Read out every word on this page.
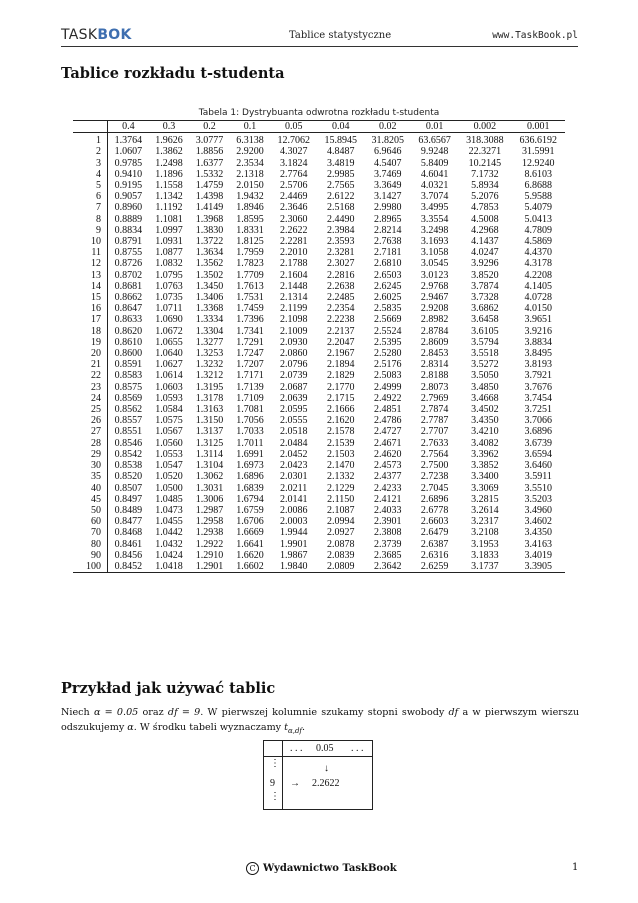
TASKBOK	Tablice statystyczne	www.TaskBook.pl
Tablice rozkładu t-studenta
Tabela 1: Dystrybuanta odwrotna rozkładu t-studenta
	0.4	0.3	0.2	0.1	0.05	0.04	0.02	0.01	0.002	0.001

1	1.3764	1.9626	3.0777	6.3138	12.7062	15.8945	31.8205	63.6567	318.3088	636.6192
2	1.0607	1.3862	1.8856	2.9200	4.3027	4.8487	6.9646	9.9248	22.3271	31.5991
3	0.9785	1.2498	1.6377	2.3534	3.1824	3.4819	4.5407	5.8409	10.2145	12.9240
4	0.9410	1.1896	1.5332	2.1318	2.7764	2.9985	3.7469	4.6041	7.1732	8.6103
5	0.9195	1.1558	1.4759	2.0150	2.5706	2.7565	3.3649	4.0321	5.8934	6.8688
6	0.9057	1.1342	1.4398	1.9432	2.4469	2.6122	3.1427	3.7074	5.2076	5.9588
7	0.8960	1.1192	1.4149	1.8946	2.3646	2.5168	2.9980	3.4995	4.7853	5.4079
8	0.8889	1.1081	1.3968	1.8595	2.3060	2.4490	2.8965	3.3554	4.5008	5.0413
9	0.8834	1.0997	1.3830	1.8331	2.2622	2.3984	2.8214	3.2498	4.2968	4.7809
10	0.8791	1.0931	1.3722	1.8125	2.2281	2.3593	2.7638	3.1693	4.1437	4.5869
11	0.8755	1.0877	1.3634	1.7959	2.2010	2.3281	2.7181	3.1058	4.0247	4.4370
12	0.8726	1.0832	1.3562	1.7823	2.1788	2.3027	2.6810	3.0545	3.9296	4.3178
13	0.8702	1.0795	1.3502	1.7709	2.1604	2.2816	2.6503	3.0123	3.8520	4.2208
14	0.8681	1.0763	1.3450	1.7613	2.1448	2.2638	2.6245	2.9768	3.7874	4.1405
15	0.8662	1.0735	1.3406	1.7531	2.1314	2.2485	2.6025	2.9467	3.7328	4.0728
16	0.8647	1.0711	1.3368	1.7459	2.1199	2.2354	2.5835	2.9208	3.6862	4.0150
17	0.8633	1.0690	1.3334	1.7396	2.1098	2.2238	2.5669	2.8982	3.6458	3.9651
18	0.8620	1.0672	1.3304	1.7341	2.1009	2.2137	2.5524	2.8784	3.6105	3.9216
19	0.8610	1.0655	1.3277	1.7291	2.0930	2.2047	2.5395	2.8609	3.5794	3.8834
20	0.8600	1.0640	1.3253	1.7247	2.0860	2.1967	2.5280	2.8453	3.5518	3.8495
21	0.8591	1.0627	1.3232	1.7207	2.0796	2.1894	2.5176	2.8314	3.5272	3.8193
22	0.8583	1.0614	1.3212	1.7171	2.0739	2.1829	2.5083	2.8188	3.5050	3.7921
23	0.8575	1.0603	1.3195	1.7139	2.0687	2.1770	2.4999	2.8073	3.4850	3.7676
24	0.8569	1.0593	1.3178	1.7109	2.0639	2.1715	2.4922	2.7969	3.4668	3.7454
25	0.8562	1.0584	1.3163	1.7081	2.0595	2.1666	2.4851	2.7874	3.4502	3.7251
26	0.8557	1.0575	1.3150	1.7056	2.0555	2.1620	2.4786	2.7787	3.4350	3.7066
27	0.8551	1.0567	1.3137	1.7033	2.0518	2.1578	2.4727	2.7707	3.4210	3.6896
28	0.8546	1.0560	1.3125	1.7011	2.0484	2.1539	2.4671	2.7633	3.4082	3.6739
29	0.8542	1.0553	1.3114	1.6991	2.0452	2.1503	2.4620	2.7564	3.3962	3.6594
30	0.8538	1.0547	1.3104	1.6973	2.0423	2.1470	2.4573	2.7500	3.3852	3.6460
35	0.8520	1.0520	1.3062	1.6896	2.0301	2.1332	2.4377	2.7238	3.3400	3.5911
40	0.8507	1.0500	1.3031	1.6839	2.0211	2.1229	2.4233	2.7045	3.3069	3.5510
45	0.8497	1.0485	1.3006	1.6794	2.0141	2.1150	2.4121	2.6896	3.2815	3.5203
50	0.8489	1.0473	1.2987	1.6759	2.0086	2.1087	2.4033	2.6778	3.2614	3.4960
60	0.8477	1.0455	1.2958	1.6706	2.0003	2.0994	2.3901	2.6603	3.2317	3.4602
70	0.8468	1.0442	1.2938	1.6669	1.9944	2.0927	2.3808	2.6479	3.2108	3.4350
80	0.8461	1.0432	1.2922	1.6641	1.9901	2.0878	2.3739	2.6387	3.1953	3.4163
90	0.8456	1.0424	1.2910	1.6620	1.9867	2.0839	2.3685	2.6316	3.1833	3.4019
100	0.8452	1.0418	1.2901	1.6602	1.9840	2.0809	2.3642	2.6259	3.1737	3.3905
Przykład jak używać tablic
Niech α = 0.05 oraz df = 9. W pierwszej kolumnie szukamy stopni swobody df a w pierwszym wierszu odszukujemy α. W środku tabeli wyznaczamy $t_{\alpha,df}$.
. . . 0.05 . . .
⋮
9
⋮
↓
→ 2.2622
C Wydawnictwo TaskBook	1
